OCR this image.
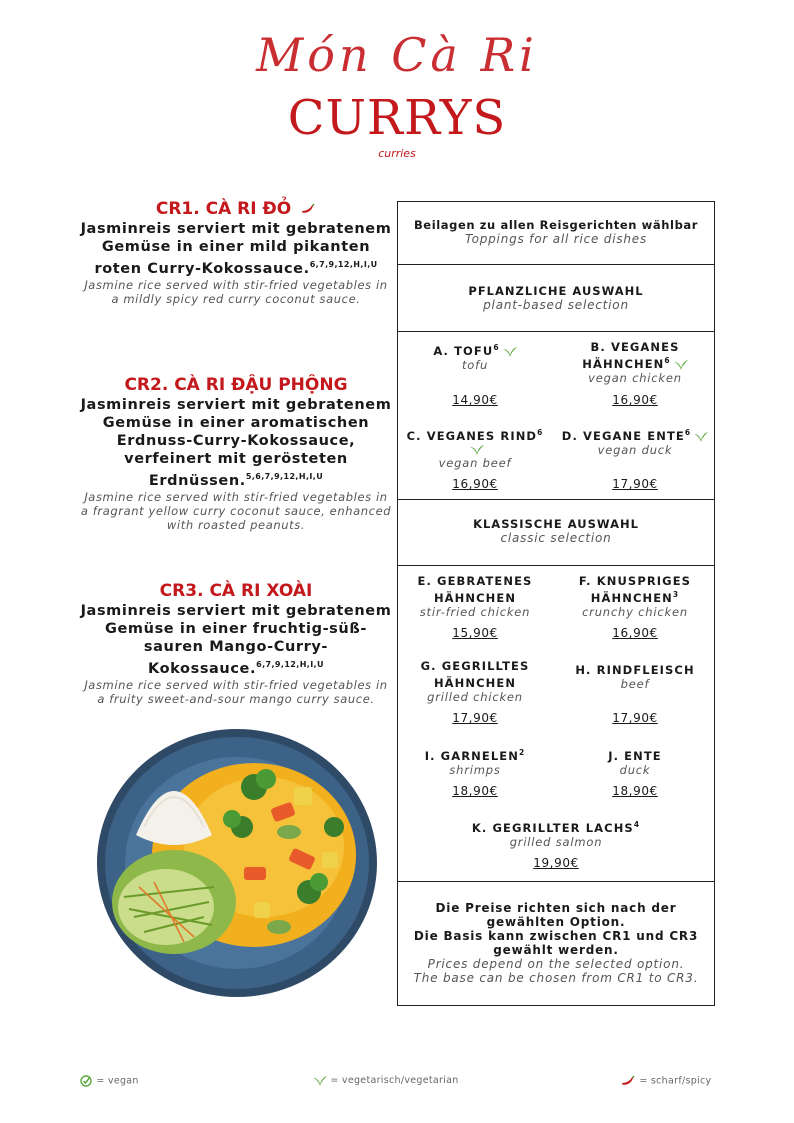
Món Cà Ri
CURRYS
curries
CR1. CÀ RI ĐỎ
Jasminreis serviert mit gebratenem Gemüse in einer mild pikanten roten Curry-Kokossauce.$^{6,7,9,12,H,I,U}$
Jasmine rice served with stir-fried vegetables in a mildly spicy red curry coconut sauce.
CR2. CÀ RI ĐẬU PHỘNG
Jasminreis serviert mit gebratenem Gemüse in einer aromatischen Erdnuss-Curry-Kokossauce, verfeinert mit gerösteten Erdnüssen.$^{5,6,7,9,12,H,I,U}$
Jasmine rice served with stir-fried vegetables in a fragrant yellow curry coconut sauce, enhanced with roasted peanuts.
CR3. CÀ RI XOÀI
Jasminreis serviert mit gebratenem Gemüse in einer fruchtig-süß-sauren Mango-Curry-Kokossauce.$^{6,7,9,12,H,I,U}$
Jasmine rice served with stir-fried vegetables in a fruity sweet-and-sour mango curry sauce.
Beilagen zu allen Reisgerichten wählbar
Toppings for all rice dishes
PFLANZLICHE AUSWAHL
plant-based selection
A. TOFU$^6$
tofu
14,90€
B. VEGANES HÄHNCHEN$^6$
vegan chicken
16,90€
C. VEGANES RIND$^6$
vegan beef
16,90€
D. VEGANE ENTE$^6$
vegan duck
17,90€
KLASSISCHE AUSWAHL
classic selection
E. GEBRATENES HÄHNCHEN
stir-fried chicken
15,90€
F. KNUSPRIGES HÄHNCHEN$^3$
crunchy chicken
16,90€
G. GEGRILLTES HÄHNCHEN
grilled chicken
17,90€
H. RINDFLEISCH
beef
17,90€
I. GARNELEN$^2$
shrimps
18,90€
J. ENTE
duck
18,90€
K. GEGRILLTER LACHS$^4$
grilled salmon
19,90€
Die Preise richten sich nach der gewählten Option.
Die Basis kann zwischen CR1 und CR3 gewählt werden.
Prices depend on the selected option.
The base can be chosen from CR1 to CR3.
= vegan	= vegetarisch/vegetarian	= scharf/spicy
